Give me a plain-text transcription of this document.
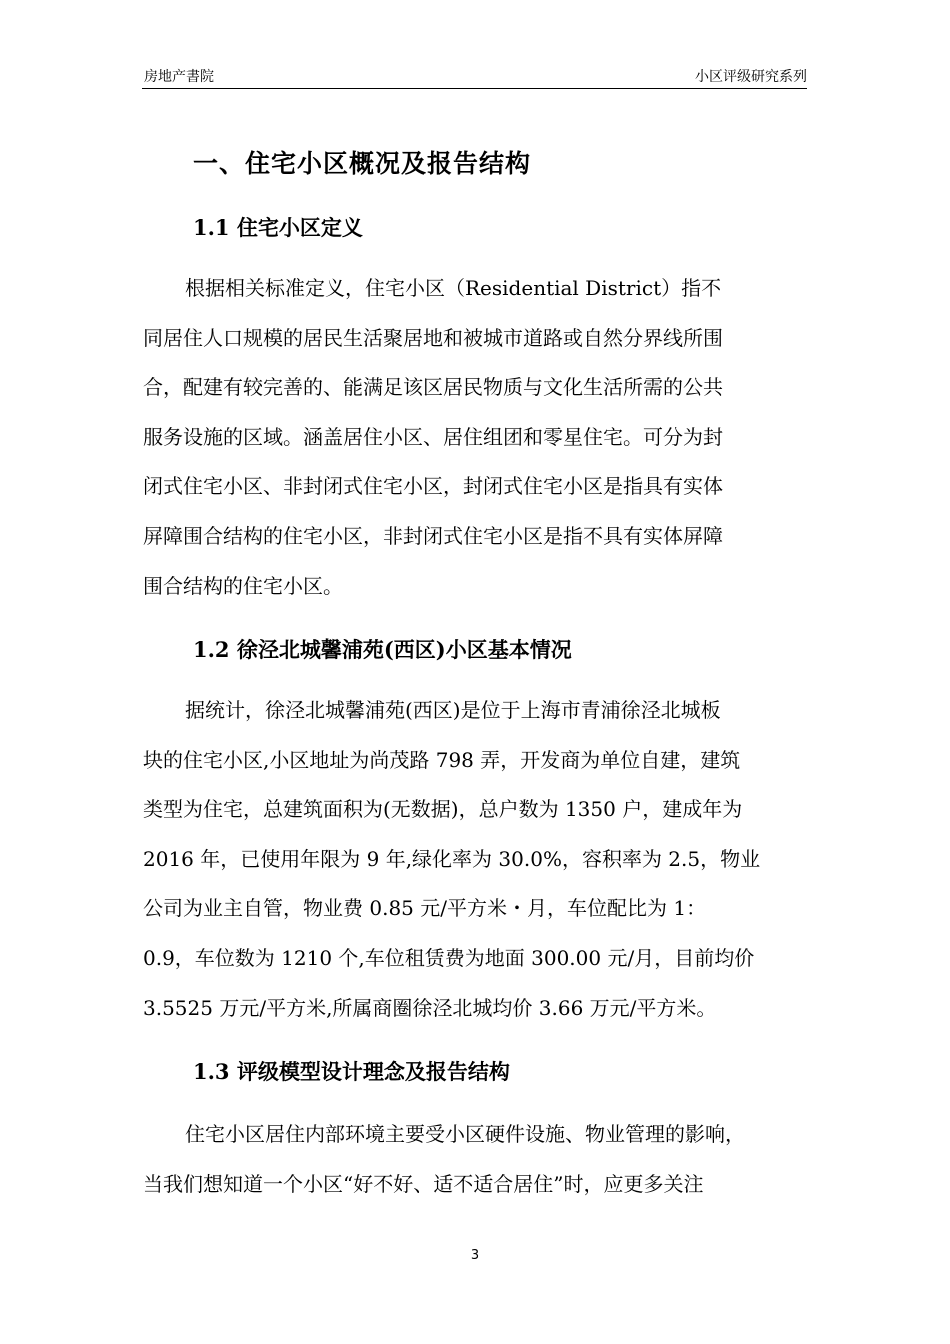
房地产書院	小区评级研究系列
一、住宅小区概况及报告结构
1.1 住宅小区定义
根据相关标准定义，住宅小区（Residential District）指不
同居住人口规模的居民生活聚居地和被城市道路或自然分界线所围
合，配建有较完善的、能满足该区居民物质与文化生活所需的公共
服务设施的区域。涵盖居住小区、居住组团和零星住宅。可分为封
闭式住宅小区、非封闭式住宅小区，封闭式住宅小区是指具有实体
屏障围合结构的住宅小区，非封闭式住宅小区是指不具有实体屏障
围合结构的住宅小区。
1.2 徐泾北城馨浦苑(西区)小区基本情况
据统计，徐泾北城馨浦苑(西区)是位于上海市青浦徐泾北城板
块的住宅小区,小区地址为尚茂路 798 弄，开发商为单位自建，建筑
类型为住宅，总建筑面积为(无数据)，总户数为 1350 户，建成年为
2016 年，已使用年限为 9 年,绿化率为 30.0%，容积率为 2.5，物业
公司为业主自管，物业费 0.85 元/平方米・月，车位配比为 1：
0.9，车位数为 1210 个,车位租赁费为地面 300.00 元/月，目前均价
3.5525 万元/平方米,所属商圈徐泾北城均价 3.66 万元/平方米。
1.3 评级模型设计理念及报告结构
住宅小区居住内部环境主要受小区硬件设施、物业管理的影响，
当我们想知道一个小区“好不好、适不适合居住”时，应更多关注
3
